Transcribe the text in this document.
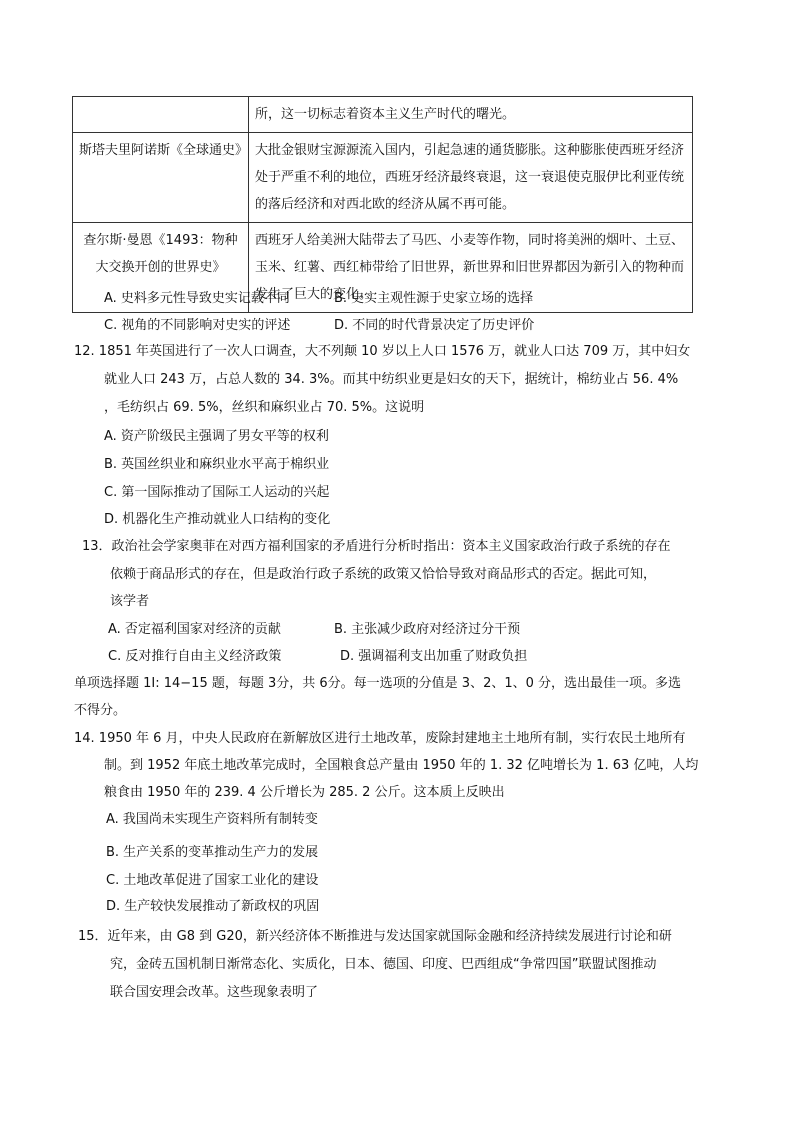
	所，这一切标志着资本主义生产时代的曙光。
斯塔夫里阿诺斯《全球通史》	大批金银财宝源源流入国内，引起急速的通货膨胀。这种膨胀使西班牙经济处于严重不利的地位，西班牙经济最终衰退，这一衰退使克服伊比利亚传统的落后经济和对西北欧的经济从属不再可能。
查尔斯·曼恩《1493：物种大交换开创的世界史》	西班牙人给美洲大陆带去了马匹、小麦等作物，同时将美洲的烟叶、土豆、玉米、红薯、西红柿带给了旧世界，新世界和旧世界都因为新引入的物种而发生了巨大的变化。
A. 史料多元性导致史实记载不同	B. 史实主观性源于史家立场的选择
C. 视角的不同影响对史实的评述	D. 不同的时代背景决定了历史评价
12. 1851 年英国进行了一次人口调查，大不列颠 10 岁以上人口 1576 万，就业人口达 709 万，其中妇女
就业人口 243 万，占总人数的 34. 3%。而其中纺织业更是妇女的天下，据统计，棉纺业占 56. 4%
，毛纺织占 69. 5%，丝织和麻织业占 70. 5%。这说明
A. 资产阶级民主强调了男女平等的权利
B. 英国丝织业和麻织业水平高于棉织业
C. 第一国际推动了国际工人运动的兴起
D. 机器化生产推动就业人口结构的变化
13．政治社会学家奥菲在对西方福利国家的矛盾进行分析时指出：资本主义国家政治行政子系统的存在
依赖于商品形式的存在，但是政治行政子系统的政策又恰恰导致对商品形式的否定。据此可知，
该学者
A. 否定福利国家对经济的贡献	B. 主张减少政府对经济过分干预
C. 反对推行自由主义经济政策	D. 强调福利支出加重了财政负担
单项选择题 1I: 14−15 题，每题 3分，共 6分。每一选项的分值是 3、2、1、0 分，选出最佳一项。多选
不得分。
14. 1950 年 6 月，中央人民政府在新解放区进行土地改革，废除封建地主土地所有制，实行农民土地所有
制。到 1952 年底土地改革完成时，全国粮食总产量由 1950 年的 1. 32 亿吨增长为 1. 63 亿吨，人均
粮食由 1950 年的 239. 4 公斤增长为 285. 2 公斤。这本质上反映出
A. 我国尚未实现生产资料所有制转变
B. 生产关系的变革推动生产力的发展
C. 土地改革促进了国家工业化的建设
D. 生产较快发展推动了新政权的巩固
15．近年来，由 G8 到 G20，新兴经济体不断推进与发达国家就国际金融和经济持续发展进行讨论和研
究，金砖五国机制日渐常态化、实质化，日本、德国、印度、巴西组成“争常四国”联盟试图推动
联合国安理会改革。这些现象表明了
